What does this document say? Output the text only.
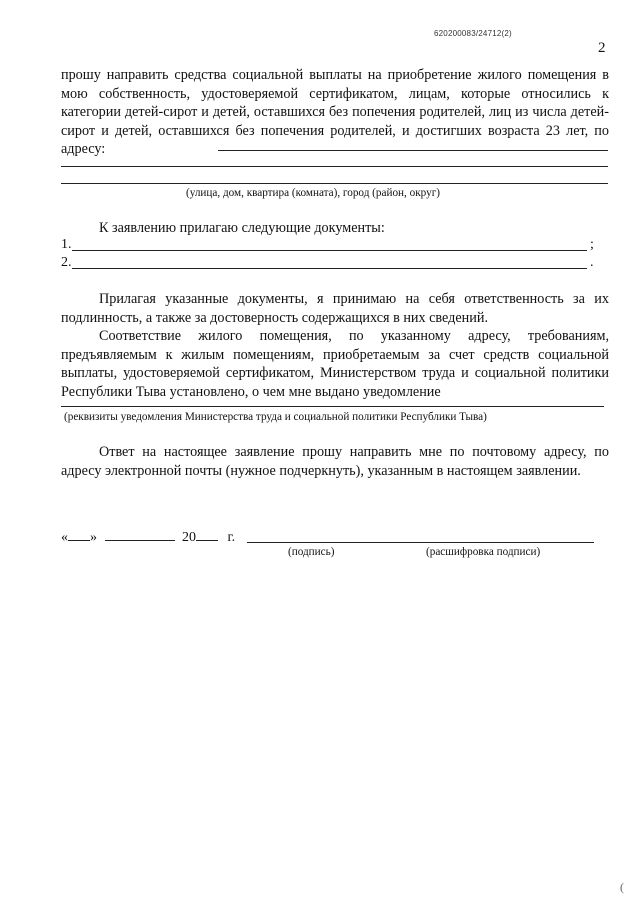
620200083/24712(2)
2
прошу направить средства социальной выплаты на приобретение жилого помещения в мою собственность, удостоверяемой сертификатом, лицам, которые относились к категории детей-сирот и детей, оставшихся без попечения родителей, лиц из числа детей-сирот и детей, оставшихся без попечения родителей, и достигших возраста 23 лет, по адресу:
(улица, дом, квартира (комната), город (район, округ)
К заявлению прилагаю следующие документы:
1.	;
2.	.
Прилагая указанные документы, я принимаю на себя ответственность за их подлинность, а также за достоверность содержащихся в них сведений.
Соответствие жилого помещения, по указанному адресу, требованиям, предъявляемым к жилым помещениям, приобретаемым за счет средств социальной выплаты, удостоверяемой сертификатом, Министерством труда и социальной политики Республики Тыва установлено, о чем мне выдано уведомление
(реквизиты уведомления Министерства труда и социальной политики Республики Тыва)
Ответ на настоящее заявление прошу направить мне по почтовому адресу, по адресу электронной почты (нужное подчеркнуть), указанным в настоящем заявлении.
« »	20 г.
(подпись)	(расшифровка подписи)
(
